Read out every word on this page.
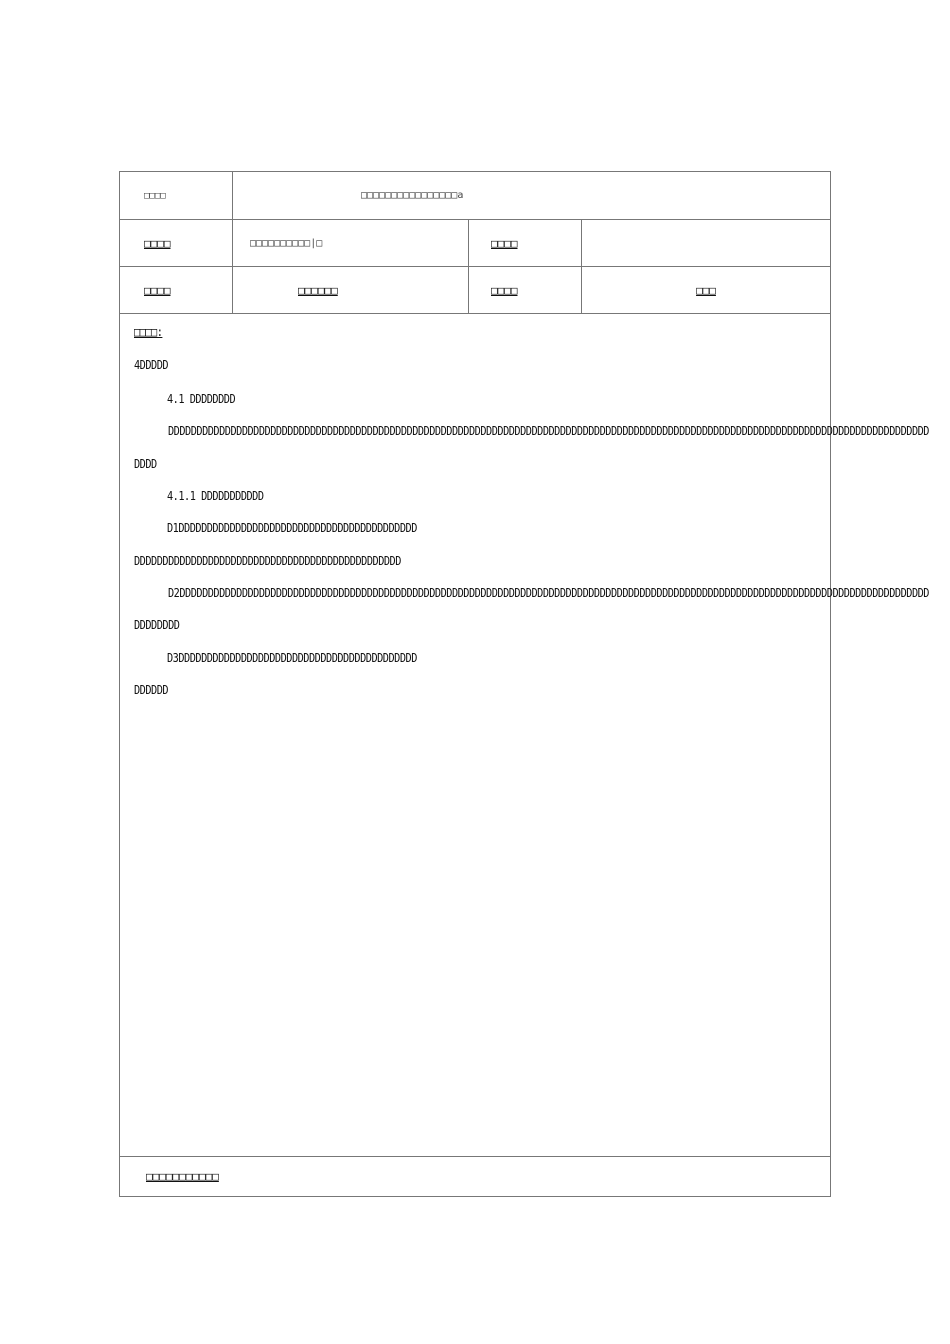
□□□□	□□□□□□□□□□□□□□□□a
□□□□	□□□□□□□□□□|□	□□□□
□□□□	□□□□□□	□□□□	□□□
□□□□:
4DDDDD
4.1 DDDDDDDD
DDDDDDDDDDDDDDDDDDDDDDDDDDDDDDDDDDDDDDDDDDDDDDDDDDDDDDDDDDDDDDDDDDDDDDDDDDDDDDDDDDDDDDDDDDDDDDDDDDDDDDDDDDDDDDDDDDDDDDDDDDDDDDDDDDDDDD
DDDD
4.1.1 DDDDDDDDDDD
D1DDDDDDDDDDDDDDDDDDDDDDDDDDDDDDDDDDDDDDDDDD
DDDDDDDDDDDDDDDDDDDDDDDDDDDDDDDDDDDDDDDDDDDDDDD
D2DDDDDDDDDDDDDDDDDDDDDDDDDDDDDDDDDDDDDDDDDDDDDDDDDDDDDDDDDDDDDDDDDDDDDDDDDDDDDDDDDDDDDDDDDDDDDDDDDDDDDDDDDDDDDDDDDDDDDDDDDDDDDDDDDDDD
DDDDDDDD
D3DDDDDDDDDDDDDDDDDDDDDDDDDDDDDDDDDDDDDDDDDD
DDDDDD
□□□□□□□□□□□
